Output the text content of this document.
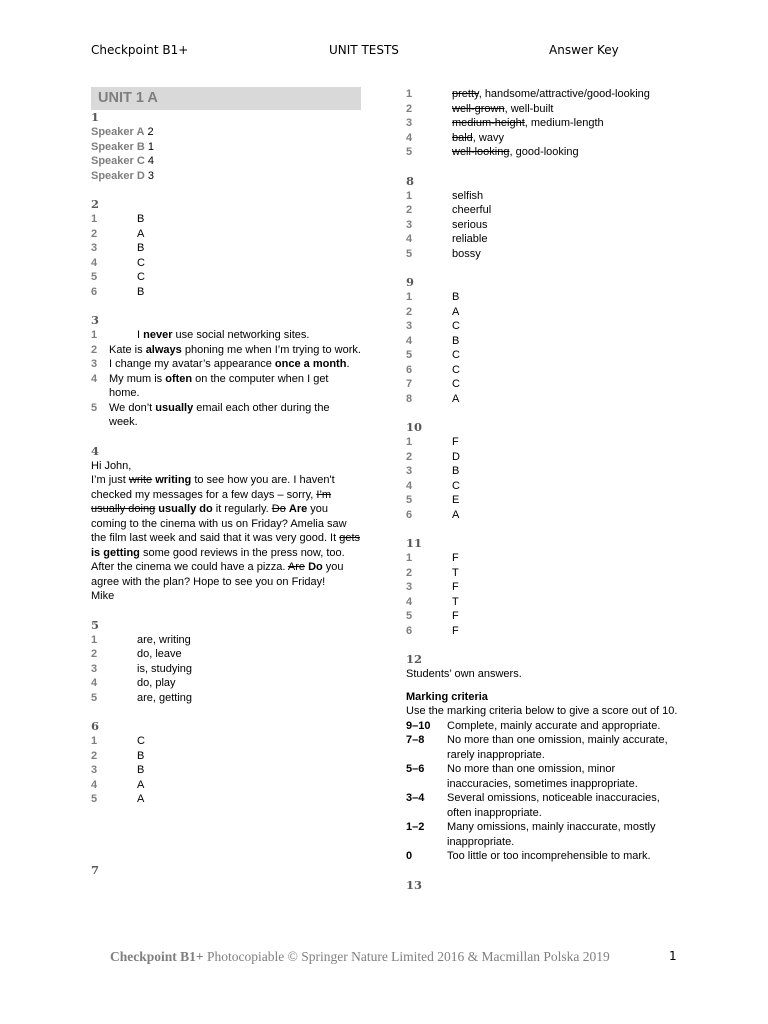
Checkpoint B1+	UNIT TESTS	Answer Key
UNIT 1 A
1
Speaker A 2
Speaker B 1
Speaker C 4
Speaker D 3
2
1	B
2	A
3	B
4	C
5	C
6	B
3
1	I never use social networking sites.
2	Kate is always phoning me when I’m trying to work.
3	I change my avatar’s appearance once a month.
4	My mum is often on the computer when I get home.
5	We don’t usually email each other during the week.
4
Hi John,
I’m just write writing to see how you are. I haven't checked my messages for a few days – sorry, I’m usually doing usually do it regularly. Do Are you coming to the cinema with us on Friday? Amelia saw the film last week and said that it was very good. It gets is getting some good reviews in the press now, too. After the cinema we could have a pizza. Are Do you agree with the plan? Hope to see you on Friday!
Mike
5
1	are, writing
2	do, leave
3	is, studying
4	do, play
5	are, getting
6
1	C
2	B
3	B
4	A
5	A
7
1	pretty, handsome/attractive/good-looking
2	well-grown, well-built
3	medium-height, medium-length
4	bald, wavy
5	well-looking, good-looking
8
1	selfish
2	cheerful
3	serious
4	reliable
5	bossy
9
1	B
2	A
3	C
4	B
5	C
6	C
7	C
8	A
10
1	F
2	D
3	B
4	C
5	E
6	A
11
1	F
2	T
3	F
4	T
5	F
6	F
12
Students’ own answers.
Marking criteria
Use the marking criteria below to give a score out of 10.
9–10	Complete, mainly accurate and appropriate.
7–8	No more than one omission, mainly accurate, rarely inappropriate.
5–6	No more than one omission, minor inaccuracies, sometimes inappropriate.
3–4	Several omissions, noticeable inaccuracies, often inappropriate.
1–2	Many omissions, mainly inaccurate, mostly inappropriate.
0	Too little or too incomprehensible to mark.
13
Checkpoint B1+ Photocopiable © Springer Nature Limited 2016 & Macmillan Polska 2019	1
